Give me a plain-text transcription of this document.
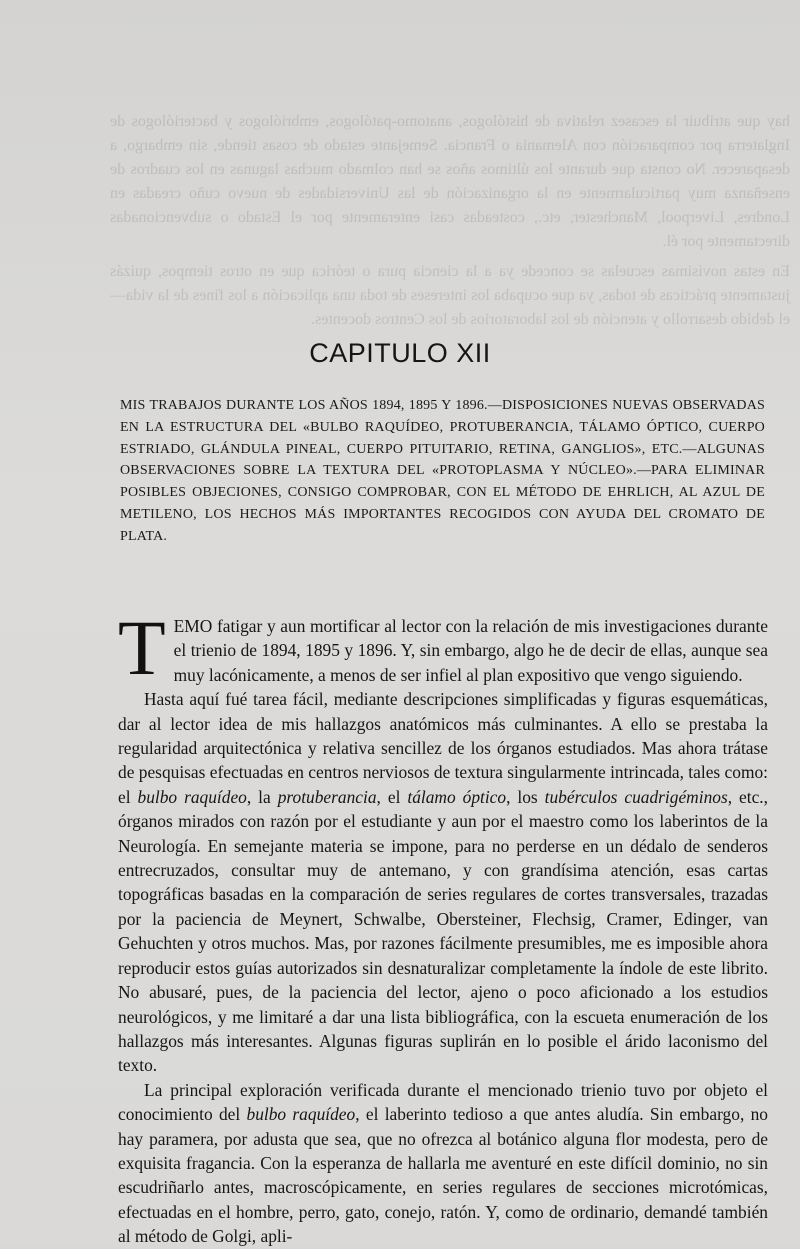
hay que atribuir la escasez relativa de histólogos, anatomo-patólogos, embriólogos y bacteriólogos de Inglaterra por comparación con Alemania o Francia. Semejante estado de cosas tiende, sin embargo, a desaparecer. No consta que durante los últimos años se han colmado muchas lagunas en los cuadros de enseñanza muy particularmente en la organización de las Universidades de nuevo cuño creadas en Londres, Liverpool, Manchester, etc., costeadas casi enteramente por el Estado o subvencionadas directamente por él.

En estas novísimas escuelas se concede ya a la ciencia pura o teórica que en otros tiempos, quizás justamente prácticas de todas, ya que ocupaba los intereses de toda una aplicación a los fines de la vida—el debido desarrollo y atención de los laboratorios de los Centros docentes.

CAPITULO XII
MIS TRABAJOS DURANTE LOS AÑOS 1894, 1895 Y 1896.—DISPOSICIONES NUEVAS OBSERVADAS EN LA ESTRUCTURA DEL «BULBO RAQUÍDEO, PROTUBERANCIA, TÁLAMO ÓPTICO, CUERPO ESTRIADO, GLÁNDULA PINEAL, CUERPO PITUITARIO, RETINA, GANGLIOS», ETC.—ALGUNAS OBSERVACIONES SOBRE LA TEXTURA DEL «PROTOPLASMA Y NÚCLEO».—PARA ELIMINAR POSIBLES OBJECIONES, CONSIGO COMPROBAR, CON EL MÉTODO DE EHRLICH, AL AZUL DE METILENO, LOS HECHOS MÁS IMPORTANTES RECOGIDOS CON AYUDA DEL CROMATO DE PLATA.

TEMO fatigar y aun mortificar al lector con la relación de mis investigaciones durante el trienio de 1894, 1895 y 1896. Y, sin embargo, algo he de decir de ellas, aunque sea muy lacónicamente, a menos de ser infiel al plan expositivo que vengo siguiendo.

Hasta aquí fué tarea fácil, mediante descripciones simplificadas y figuras esquemáticas, dar al lector idea de mis hallazgos anatómicos más culminantes. A ello se prestaba la regularidad arquitectónica y relativa sencillez de los órganos estudiados. Mas ahora trátase de pesquisas efectuadas en centros nerviosos de textura singularmente intrincada, tales como: el bulbo raquídeo, la protuberancia, el tálamo óptico, los tubérculos cuadrigéminos, etc., órganos mirados con razón por el estudiante y aun por el maestro como los laberintos de la Neurología. En semejante materia se impone, para no perderse en un dédalo de senderos entrecruzados, consultar muy de antemano, y con grandísima atención, esas cartas topográficas basadas en la comparación de series regulares de cortes transversales, trazadas por la paciencia de Meynert, Schwalbe, Obersteiner, Flechsig, Cramer, Edinger, van Gehuchten y otros muchos. Mas, por razones fácilmente presumibles, me es imposible ahora reproducir estos guías autorizados sin desnaturalizar completamente la índole de este librito. No abusaré, pues, de la paciencia del lector, ajeno o poco aficionado a los estudios neurológicos, y me limitaré a dar una lista bibliográfica, con la escueta enumeración de los hallazgos más interesantes. Algunas figuras suplirán en lo posible el árido laconismo del texto.

La principal exploración verificada durante el mencionado trienio tuvo por objeto el conocimiento del bulbo raquídeo, el laberinto tedioso a que antes aludía. Sin embargo, no hay paramera, por adusta que sea, que no ofrezca al botánico alguna flor modesta, pero de exquisita fragancia. Con la esperanza de hallarla me aventuré en este difícil dominio, no sin escudriñarlo antes, macroscópicamente, en series regulares de secciones microtómicas, efectuadas en el hombre, perro, gato, conejo, ratón. Y, como de ordinario, demandé también al método de Golgi, apli-
